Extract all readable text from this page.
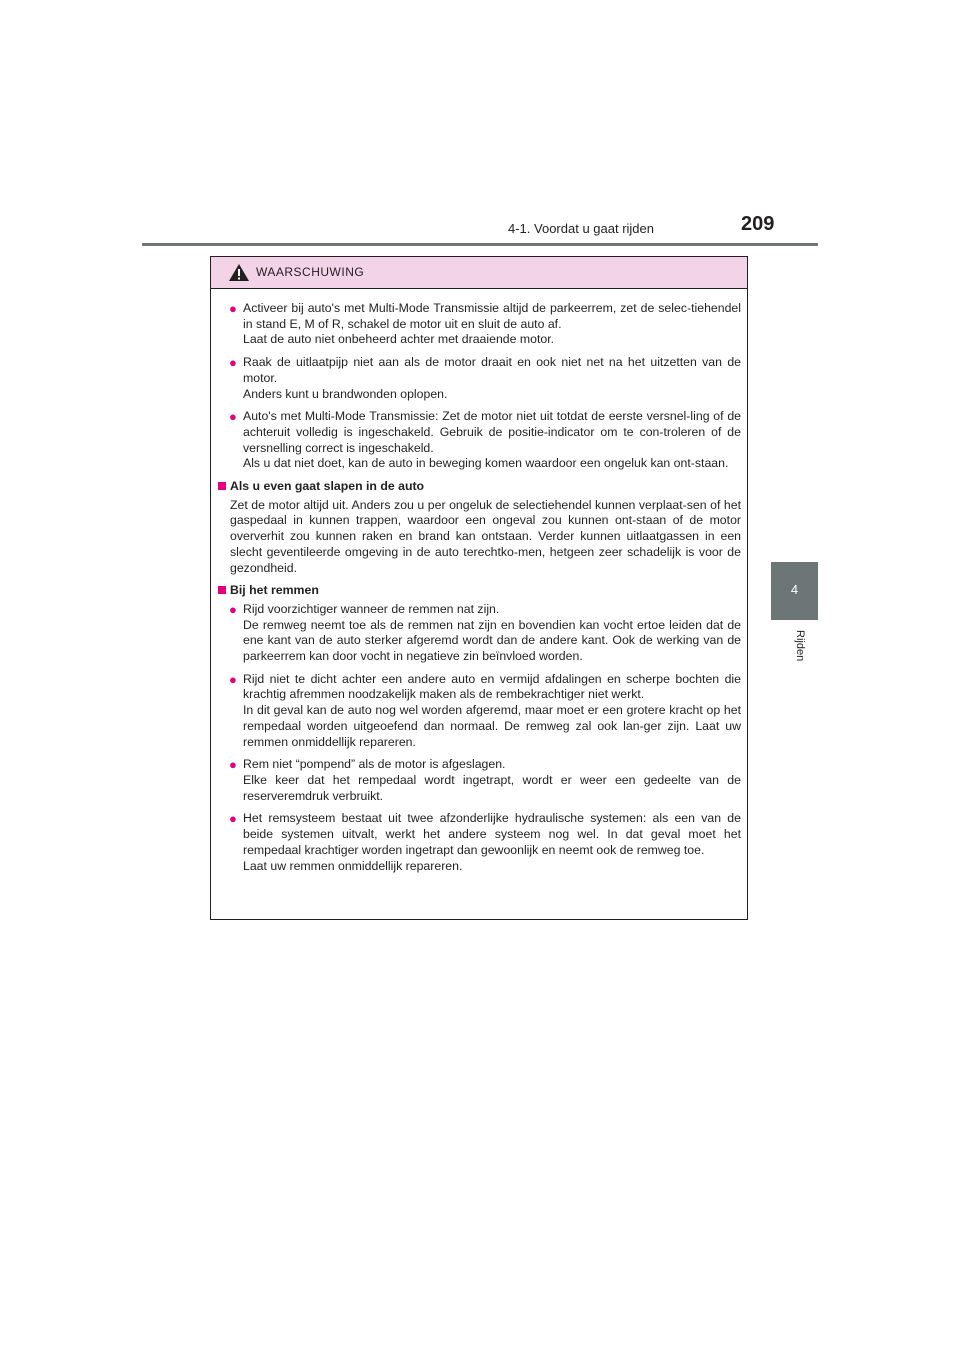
4-1. Voordat u gaat rijden	209
4
Rijden
WAARSCHUWING
● Activeer bij auto's met Multi-Mode Transmissie altijd de parkeerrem, zet de selec-tiehendel in stand E, M of R, schakel de motor uit en sluit de auto af.
Laat de auto niet onbeheerd achter met draaiende motor.
● Raak de uitlaatpijp niet aan als de motor draait en ook niet net na het uitzetten van de motor.
Anders kunt u brandwonden oplopen.
● Auto's met Multi-Mode Transmissie: Zet de motor niet uit totdat de eerste versnel-ling of de achteruit volledig is ingeschakeld. Gebruik de positie-indicator om te con-troleren of de versnelling correct is ingeschakeld.
Als u dat niet doet, kan de auto in beweging komen waardoor een ongeluk kan ont-staan.
Als u even gaat slapen in de auto
Zet de motor altijd uit. Anders zou u per ongeluk de selectiehendel kunnen verplaat-sen of het gaspedaal in kunnen trappen, waardoor een ongeval zou kunnen ont-staan of de motor oververhit zou kunnen raken en brand kan ontstaan. Verder kunnen uitlaatgassen in een slecht geventileerde omgeving in de auto terechtko-men, hetgeen zeer schadelijk is voor de gezondheid.
Bij het remmen
● Rijd voorzichtiger wanneer de remmen nat zijn.
De remweg neemt toe als de remmen nat zijn en bovendien kan vocht ertoe leiden dat de ene kant van de auto sterker afgeremd wordt dan de andere kant. Ook de werking van de parkeerrem kan door vocht in negatieve zin beïnvloed worden.
● Rijd niet te dicht achter een andere auto en vermijd afdalingen en scherpe bochten die krachtig afremmen noodzakelijk maken als de rembekrachtiger niet werkt.
In dit geval kan de auto nog wel worden afgeremd, maar moet er een grotere kracht op het rempedaal worden uitgeoefend dan normaal. De remweg zal ook lan-ger zijn. Laat uw remmen onmiddellijk repareren.
● Rem niet “pompend” als de motor is afgeslagen.
Elke keer dat het rempedaal wordt ingetrapt, wordt er weer een gedeelte van de reserveremdruk verbruikt.
● Het remsysteem bestaat uit twee afzonderlijke hydraulische systemen: als een van de beide systemen uitvalt, werkt het andere systeem nog wel. In dat geval moet het rempedaal krachtiger worden ingetrapt dan gewoonlijk en neemt ook de remweg toe.
Laat uw remmen onmiddellijk repareren.
